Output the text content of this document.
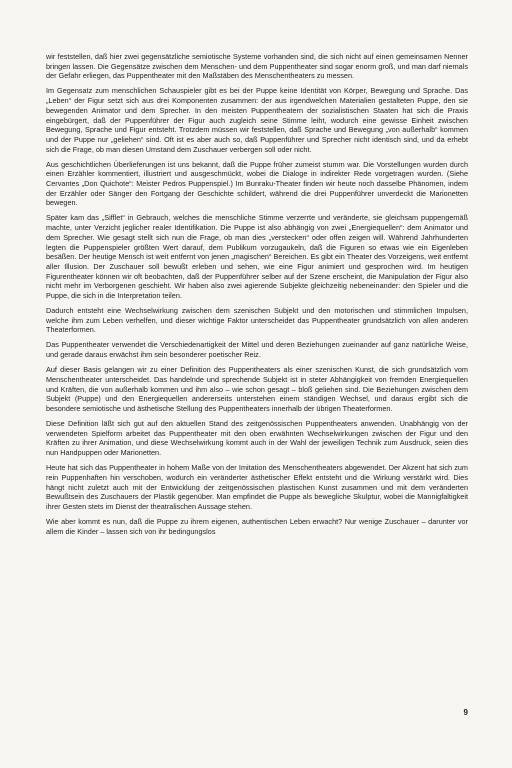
wir feststellen, daß hier zwei gegensätzliche semiotische Systeme vorhanden sind, die sich nicht auf einen gemeinsamen Nenner bringen lassen. Die Gegensätze zwischen dem Menschen- und dem Puppentheater sind sogar enorm groß, und man darf niemals der Gefahr erliegen, das Puppentheater mit den Maßstäben des Menschentheaters zu messen.

Im Gegensatz zum menschlichen Schauspieler gibt es bei der Puppe keine Identität von Körper, Bewegung und Sprache. Das „Leben“ der Figur setzt sich aus drei Komponenten zusammen: der aus irgendwelchen Materialien gestalteten Puppe, den sie bewegenden Animator und dem Sprecher. In den meisten Puppentheatern der sozialistischen Staaten hat sich die Praxis eingebürgert, daß der Puppenführer der Figur auch zugleich seine Stimme leiht, wodurch eine gewisse Einheit zwischen Bewegung, Sprache und Figur entsteht. Trotzdem müssen wir feststellen, daß Sprache und Bewegung „von außerhalb“ kommen und der Puppe nur „geliehen“ sind. Oft ist es aber auch so, daß Puppenführer und Sprecher nicht identisch sind, und da erhebt sich die Frage, ob man diesen Umstand dem Zuschauer verbergen soll oder nicht.

Aus geschichtlichen Überlieferungen ist uns bekannt, daß die Puppe früher zumeist stumm war. Die Vorstellungen wurden durch einen Erzähler kommentiert, illustriert und ausgeschmückt, wobei die Dialoge in indirekter Rede vorgetragen wurden. (Siehe Cervantes „Don Quichote“: Meister Pedros Puppenspiel.) Im Bunraku-Theater finden wir heute noch dasselbe Phänomen, indem der Erzähler oder Sänger den Fortgang der Geschichte schildert, während die drei Puppenführer unverdeckt die Marionetten bewegen.

Später kam das „Sifflet“ in Gebrauch, welches die menschliche Stimme verzerrte und veränderte, sie gleichsam puppengemäß machte, unter Verzicht jeglicher realer Identifikation. Die Puppe ist also abhängig von zwei „Energiequellen“: dem Animator und dem Sprecher. Wie gesagt stellt sich nun die Frage, ob man dies „verstecken“ oder offen zeigen will. Während Jahrhunderten legten die Puppenspieler größten Wert darauf, dem Publikum vorzugaukeln, daß die Figuren so etwas wie ein Eigenleben besäßen. Der heutige Mensch ist weit entfernt von jenen „magischen“ Bereichen. Es gibt ein Theater des Vorzeigens, weit entfernt aller Illusion. Der Zuschauer soll bewußt erleben und sehen, wie eine Figur animiert und gesprochen wird. Im heutigen Figurentheater können wir oft beobachten, daß der Puppenführer selber auf der Szene erscheint, die Manipulation der Figur also nicht mehr im Verborgenen geschieht. Wir haben also zwei agierende Subjekte gleichzeitig nebeneinander: den Spieler und die Puppe, die sich in die Interpretation teilen.

Dadurch entsteht eine Wechselwirkung zwischen dem szenischen Subjekt und den motorischen und stimmlichen Impulsen, welche ihm zum Leben verhelfen, und dieser wichtige Faktor unterscheidet das Puppentheater grundsätzlich von allen anderen Theaterformen.

Das Puppentheater verwendet die Verschiedenartigkeit der Mittel und deren Beziehungen zueinander auf ganz natürliche Weise, und gerade daraus erwächst ihm sein besonderer poetischer Reiz.

Auf dieser Basis gelangen wir zu einer Definition des Puppentheaters als einer szenischen Kunst, die sich grundsätzlich vom Menschentheater unterscheidet. Das handelnde und sprechende Subjekt ist in steter Abhängigkeit von fremden Energiequellen und Kräften, die von außerhalb kommen und ihm also – wie schon gesagt – bloß geliehen sind. Die Beziehungen zwischen dem Subjekt (Puppe) und den Energiequellen andererseits unterstehen einem ständigen Wechsel, und daraus ergibt sich die besondere semiotische und ästhetische Stellung des Puppentheaters innerhalb der übrigen Theaterformen.

Diese Definition läßt sich gut auf den aktuellen Stand des zeitgenössischen Puppentheaters anwenden. Unabhängig von der verwendeten Spielform arbeitet das Puppentheater mit den oben erwähnten Wechselwirkungen zwischen der Figur und den Kräften zu ihrer Animation, und diese Wechselwirkung kommt auch in der Wahl der jeweiligen Technik zum Ausdruck, seien dies nun Handpuppen oder Marionetten.

Heute hat sich das Puppentheater in hohem Maße von der Imitation des Menschentheaters abgewendet. Der Akzent hat sich zum rein Puppenhaften hin verschoben, wodurch ein veränderter ästhetischer Effekt entsteht und die Wirkung verstärkt wird. Dies hängt nicht zuletzt auch mit der Entwicklung der zeitgenössischen plastischen Kunst zusammen und mit dem veränderten Bewußtsein des Zuschauers der Plastik gegenüber. Man empfindet die Puppe als bewegliche Skulptur, wobei die Mannigfaltigkeit ihrer Gesten stets im Dienst der theatralischen Aussage stehen.

Wie aber kommt es nun, daß die Puppe zu ihrem eigenen, authentischen Leben erwacht? Nur wenige Zuschauer – darunter vor allem die Kinder – lassen sich von ihr bedingungslos

9
